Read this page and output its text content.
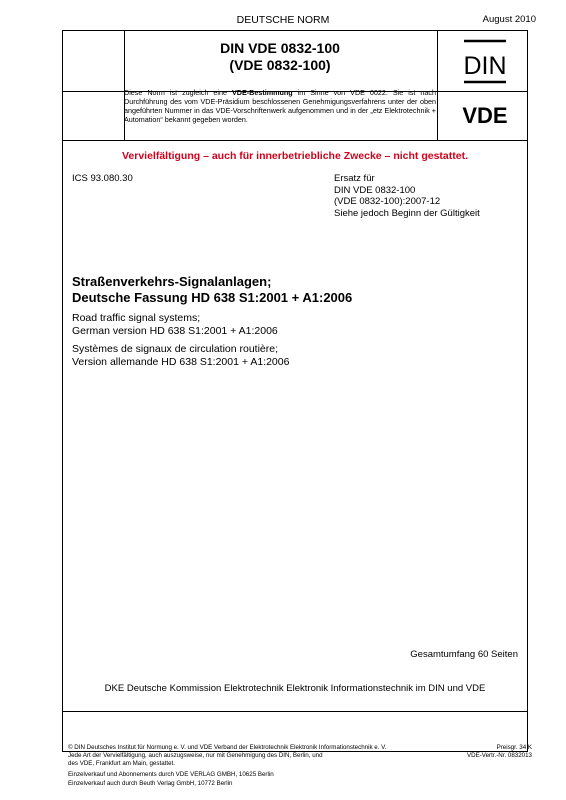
DEUTSCHE NORM	August 2010
DIN VDE 0832-100
(VDE 0832-100)	DIN
VDE
Diese Norm ist zugleich eine VDE-Bestimmung im Sinne von VDE 0022. Sie ist nach Durchführung des vom VDE-Präsidium beschlossenen Genehmigungsverfahrens unter der oben angeführten Nummer in das VDE-Vorschriftenwerk aufgenommen und in der „etz Elektrotechnik + Automation“ bekannt gegeben worden.
Vervielfältigung – auch für innerbetriebliche Zwecke – nicht gestattet.
ICS 93.080.30	Ersatz für
DIN VDE 0832-100
(VDE 0832-100):2007-12
Siehe jedoch Beginn der Gültigkeit
Straßenverkehrs-Signalanlagen;
Deutsche Fassung HD 638 S1:2001 + A1:2006
Road traffic signal systems;
German version HD 638 S1:2001 + A1:2006
Systèmes de signaux de circulation routière;
Version allemande HD 638 S1:2001 + A1:2006
Gesamtumfang 60 Seiten
DKE Deutsche Kommission Elektrotechnik Elektronik Informationstechnik im DIN und VDE
© DIN Deutsches Institut für Normung e. V. und VDE Verband der Elektrotechnik Elektronik Informationstechnik e. V.
Jede Art der Vervielfältigung, auch auszugsweise, nur mit Genehmigung des DIN, Berlin, und
des VDE, Frankfurt am Main, gestattet.
Preisgr. 34 K
VDE-Vertr.-Nr. 0832013
Einzelverkauf und Abonnements durch VDE VERLAG GMBH, 10625 Berlin
Einzelverkauf auch durch Beuth Verlag GmbH, 10772 Berlin
